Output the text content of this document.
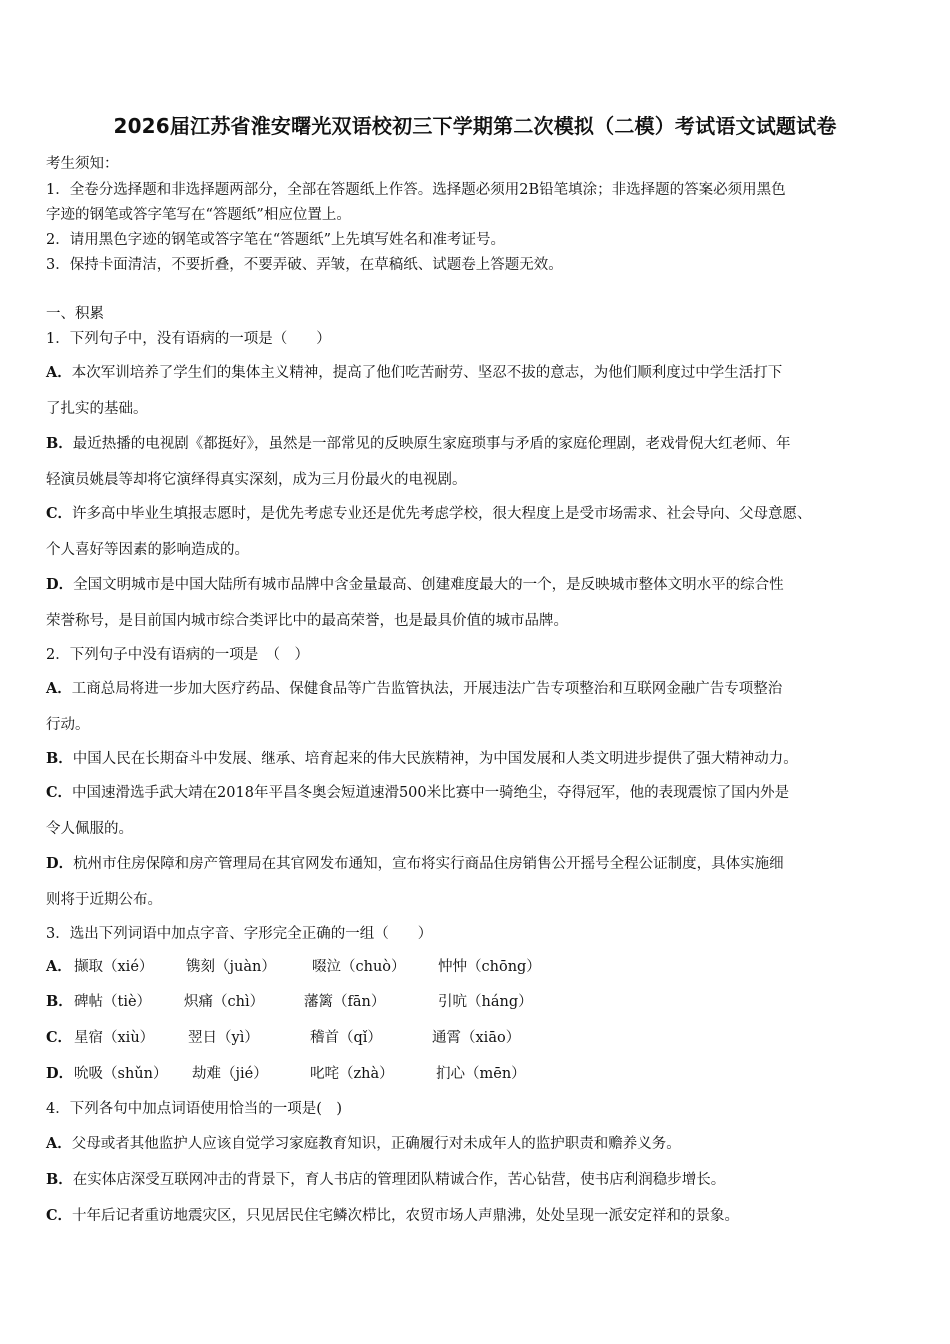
2026届江苏省淮安曙光双语校初三下学期第二次模拟（二模）考试语文试题试卷
考生须知：
1．全卷分选择题和非选择题两部分，全部在答题纸上作答。选择题必须用2B铅笔填涂；非选择题的答案必须用黑色
字迹的钢笔或答字笔写在“答题纸”相应位置上。
2．请用黑色字迹的钢笔或答字笔在“答题纸”上先填写姓名和准考证号。
3．保持卡面清洁，不要折叠，不要弄破、弄皱，在草稿纸、试题卷上答题无效。
一、积累
1．下列句子中，没有语病的一项是（　　）
A．本次军训培养了学生们的集体主义精神，提高了他们吃苦耐劳、坚忍不拔的意志，为他们顺利度过中学生活打下
了扎实的基础。
B．最近热播的电视剧《都挺好》，虽然是一部常见的反映原生家庭琐事与矛盾的家庭伦理剧，老戏骨倪大红老师、年
轻演员姚晨等却将它演绎得真实深刻，成为三月份最火的电视剧。
C．许多高中毕业生填报志愿时，是优先考虑专业还是优先考虑学校，很大程度上是受市场需求、社会导向、父母意愿、
个人喜好等因素的影响造成的。
D．全国文明城市是中国大陆所有城市品牌中含金量最高、创建难度最大的一个，是反映城市整体文明水平的综合性
荣誉称号，是目前国内城市综合类评比中的最高荣誉，也是最具价值的城市品牌。
2．下列句子中没有语病的一项是　（　）
A．工商总局将进一步加大医疗药品、保健食品等广告监管执法，开展违法广告专项整治和互联网金融广告专项整治
行动。
B．中国人民在长期奋斗中发展、继承、培育起来的伟大民族精神，为中国发展和人类文明进步提供了强大精神动力。
C．中国速滑选手武大靖在2018年平昌冬奥会短道速滑500米比赛中一骑绝尘，夺得冠军，他的表现震惊了国内外是
令人佩服的。
D．杭州市住房保障和房产管理局在其官网发布通知，宣布将实行商品住房销售公开摇号全程公证制度，具体实施细
则将于近期公布。
3．选出下列词语中加点字音、字形完全正确的一组（　　）
A． 撷取（xié） 镌刻（juàn） 啜泣（chuò） 忡忡（chōng）
B． 碑帖（tiè） 炽痛（chì）	藩篱（fān）	引吭（háng）
C． 星宿（xiù） 翌日（yì）	稽首（qǐ）	通霄（xiāo）
D． 吮吸（shǔn） 劫难（jié）	叱咤（zhà）	扪心（mēn）
4．下列各句中加点词语使用恰当的一项是(　)
A．父母或者其他监护人应该自觉学习家庭教育知识，正确履行对未成年人的监护职责和赡养义务。
B．在实体店深受互联网冲击的背景下，育人书店的管理团队精诚合作，苦心钻营，使书店利润稳步增长。
C．十年后记者重访地震灾区，只见居民住宅鳞次栉比，农贸市场人声鼎沸，处处呈现一派安定祥和的景象。
